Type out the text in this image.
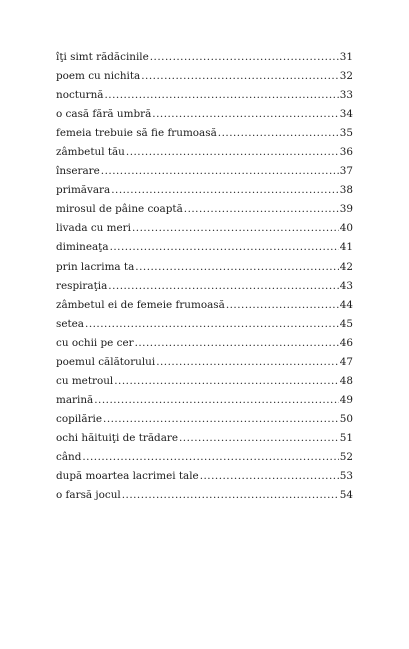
îţi simt rădăcinile .....	31
poem cu nichita .....	32
nocturnă .....	33
o casă fără umbră .....	34
femeia trebuie să fie frumoasă .....	35
zâmbetul tău .....	36
înserare .....	37
primăvara .....	38
mirosul de pâine coaptă .....	39
livada cu meri .....	40
dimineaţa .....	41
prin lacrima ta .....	42
respiraţia .....	43
zâmbetul ei de femeie frumoasă .....	44
setea .....	45
cu ochii pe cer .....	46
poemul călătorului .....	47
cu metroul .....	48
marină .....	49
copilărie .....	50
ochi hăituiţi de trădare .....	51
când .....	52
după moartea lacrimei tale .....	53
o farsă jocul .....	54
